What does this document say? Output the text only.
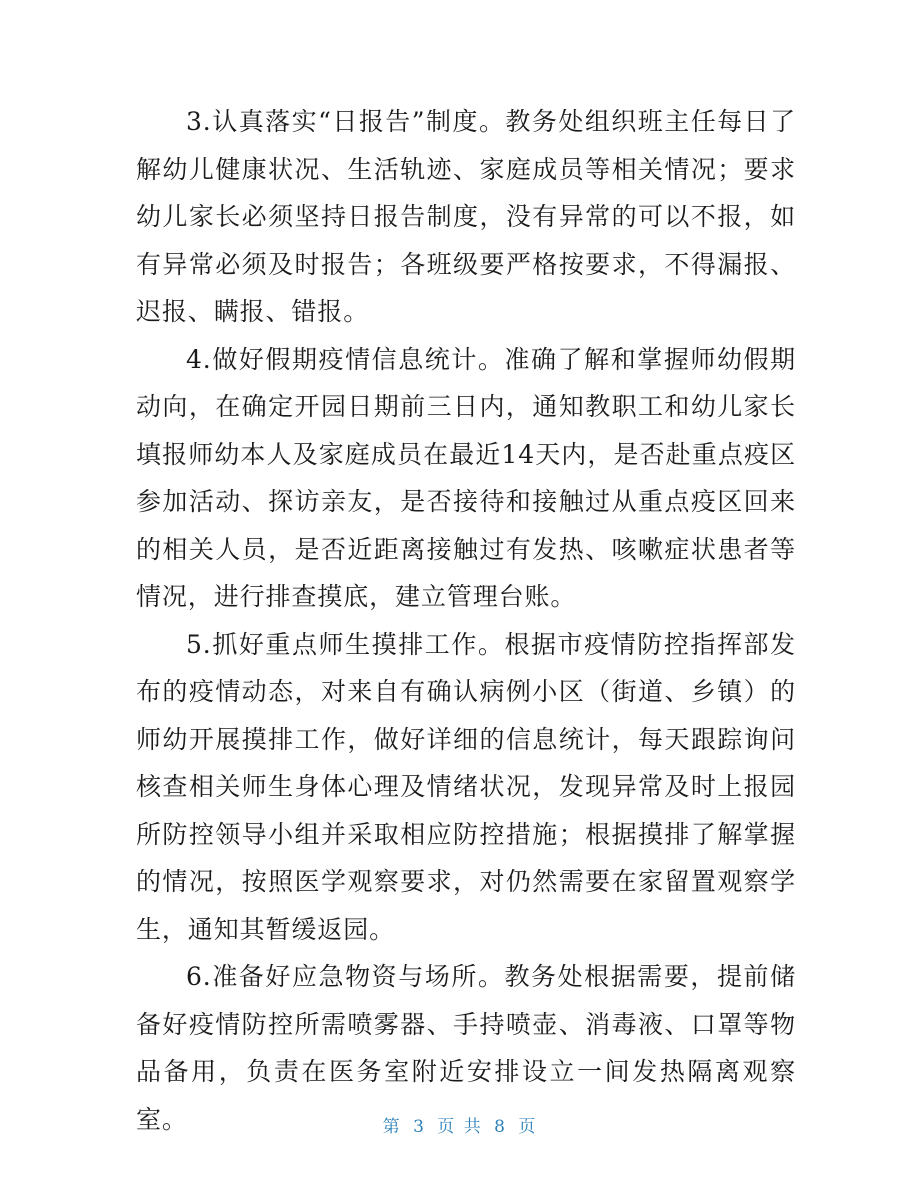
3.认真落实“日报告”制度。教务处组织班主任每日了解幼儿健康状况、生活轨迹、家庭成员等相关情况；要求幼儿家长必须坚持日报告制度，没有异常的可以不报，如有异常必须及时报告；各班级要严格按要求，不得漏报、迟报、瞒报、错报。

4.做好假期疫情信息统计。准确了解和掌握师幼假期动向，在确定开园日期前三日内，通知教职工和幼儿家长填报师幼本人及家庭成员在最近14天内，是否赴重点疫区参加活动、探访亲友，是否接待和接触过从重点疫区回来的相关人员，是否近距离接触过有发热、咳嗽症状患者等情况，进行排查摸底，建立管理台账。

5.抓好重点师生摸排工作。根据市疫情防控指挥部发布的疫情动态，对来自有确认病例小区（街道、乡镇）的师幼开展摸排工作，做好详细的信息统计，每天跟踪询问核查相关师生身体心理及情绪状况，发现异常及时上报园所防控领导小组并采取相应防控措施；根据摸排了解掌握的情况，按照医学观察要求，对仍然需要在家留置观察学生，通知其暂缓返园。

6.准备好应急物资与场所。教务处根据需要，提前储备好疫情防控所需喷雾器、手持喷壶、消毒液、口罩等物品备用，负责在医务室附近安排设立一间发热隔离观察室。	第 3 页 共 8 页
